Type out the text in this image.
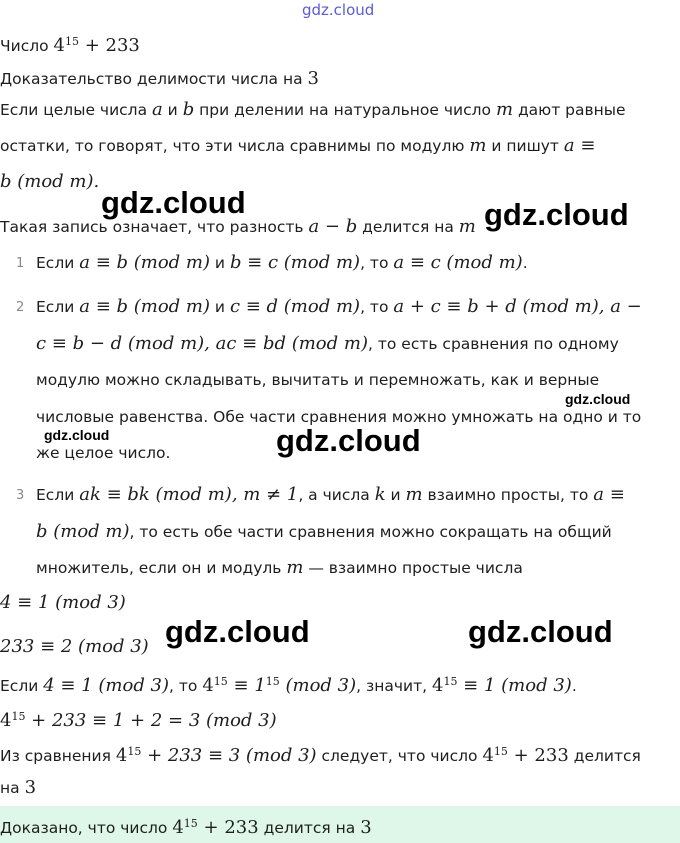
gdz.cloud
Число $4^{15} + 233$
Доказательство делимости числа на 3
Если целые числа a и b при делении на натуральное число m дают равные
остатки, то говорят, что эти числа сравнимы по модулю m и пишут a ≡
b (mod m).
Такая запись означает, что разность a − b делится на m
1 Если a ≡ b (mod m) и b ≡ c (mod m), то a ≡ c (mod m).
2 Если a ≡ b (mod m) и c ≡ d (mod m), то a + c ≡ b + d (mod m), a −
c ≡ b − d (mod m), ac ≡ bd (mod m), то есть сравнения по одному
модулю можно складывать, вычитать и перемножать, как и верные
числовые равенства. Обе части сравнения можно умножать на одно и то
же целое число.
3 Если ak ≡ bk (mod m), m ≠ 1, а числа k и m взаимно просты, то a ≡
b (mod m), то есть обе части сравнения можно сокращать на общий
множитель, если он и модуль m — взаимно простые числа
4 ≡ 1 (mod 3)
233 ≡ 2 (mod 3)
Если 4 ≡ 1 (mod 3), то $4^{15} \equiv 1^{15}$ (mod 3), значит, $4^{15} \equiv 1$ (mod 3).
$4^{15} + 233 \equiv 1 + 2 = 3$ (mod 3)
Из сравнения $4^{15} + 233 \equiv 3$ (mod 3) следует, что число $4^{15} + 233$ делится
на 3
Доказано, что число $4^{15} + 233$ делится на 3
gdz.cloud	gdz.cloud
gdz.cloud
gdz.cloud	gdz.cloud
gdz.cloud	gdz.cloud
